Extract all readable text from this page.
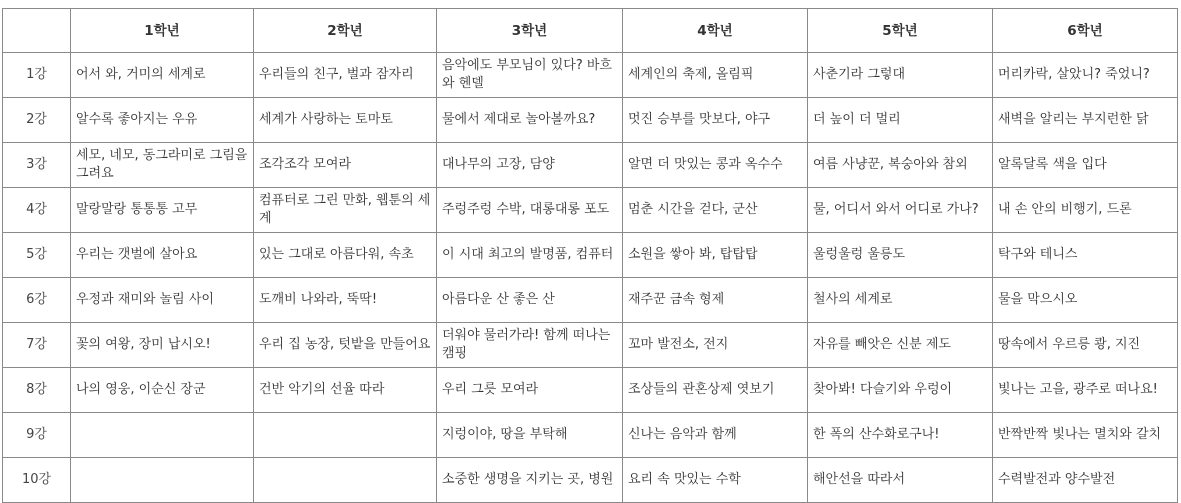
	1학년	2학년	3학년	4학년	5학년	6학년
1강	어서 와, 거미의 세계로	우리들의 친구, 벌과 잠자리	음악에도 부모님이 있다? 바흐와 헨델	세계인의 축제, 올림픽	사춘기라 그렇대	머리카락, 살았니? 죽었니?
2강	알수록 좋아지는 우유	세계가 사랑하는 토마토	물에서 제대로 놀아볼까요?	멋진 승부를 맛보다, 야구	더 높이 더 멀리	새벽을 알리는 부지런한 닭
3강	세모, 네모, 동그라미로 그림을 그려요	조각조각 모여라	대나무의 고장, 담양	알면 더 맛있는 콩과 옥수수	여름 사냥꾼, 복숭아와 참외	알록달록 색을 입다
4강	말랑말랑 통통통 고무	컴퓨터로 그린 만화, 웹툰의 세계	주렁주렁 수박, 대롱대롱 포도	멈춘 시간을 걷다, 군산	물, 어디서 와서 어디로 가나?	내 손 안의 비행기, 드론
5강	우리는 갯벌에 살아요	있는 그대로 아름다워, 속초	이 시대 최고의 발명품, 컴퓨터	소원을 쌓아 봐, 탑탑탑	울렁울렁 울릉도	탁구와 테니스
6강	우정과 재미와 놀림 사이	도깨비 나와라, 뚝딱!	아름다운 산 좋은 산	재주꾼 금속 형제	철사의 세계로	물을 막으시오
7강	꽃의 여왕, 장미 납시오!	우리 집 농장, 텃밭을 만들어요	더워야 물러가라! 함께 떠나는 캠핑	꼬마 발전소, 전지	자유를 빼앗은 신분 제도	땅속에서 우르릉 쾅, 지진
8강	나의 영웅, 이순신 장군	건반 악기의 선율 따라	우리 그릇 모여라	조상들의 관혼상제 엿보기	찾아봐! 다슬기와 우렁이	빛나는 고을, 광주로 떠나요!
9강			지렁이야, 땅을 부탁해	신나는 음악과 함께	한 폭의 산수화로구나!	반짝반짝 빛나는 멸치와 갈치
10강			소중한 생명을 지키는 곳, 병원	요리 속 맛있는 수학	해안선을 따라서	수력발전과 양수발전
